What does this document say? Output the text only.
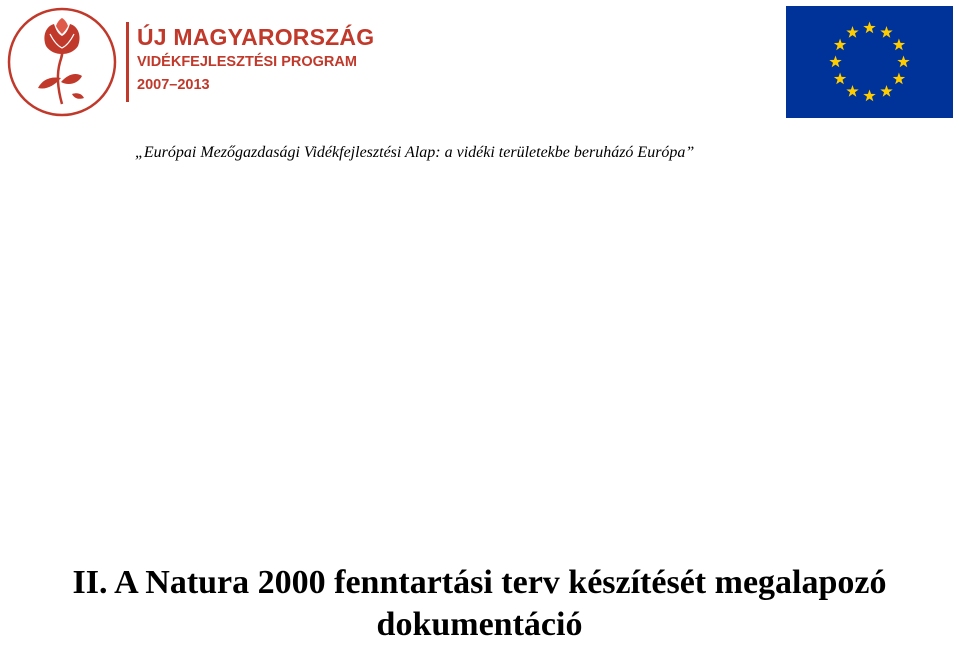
ÚJ MAGYARORSZÁG
VIDÉKFEJLESZTÉSI PROGRAM
2007–2013
„Európai Mezőgazdasági Vidékfejlesztési Alap: a vidéki területekbe beruházó Európa”
II. A Natura 2000 fenntartási terv készítését megalapozó
dokumentáció
